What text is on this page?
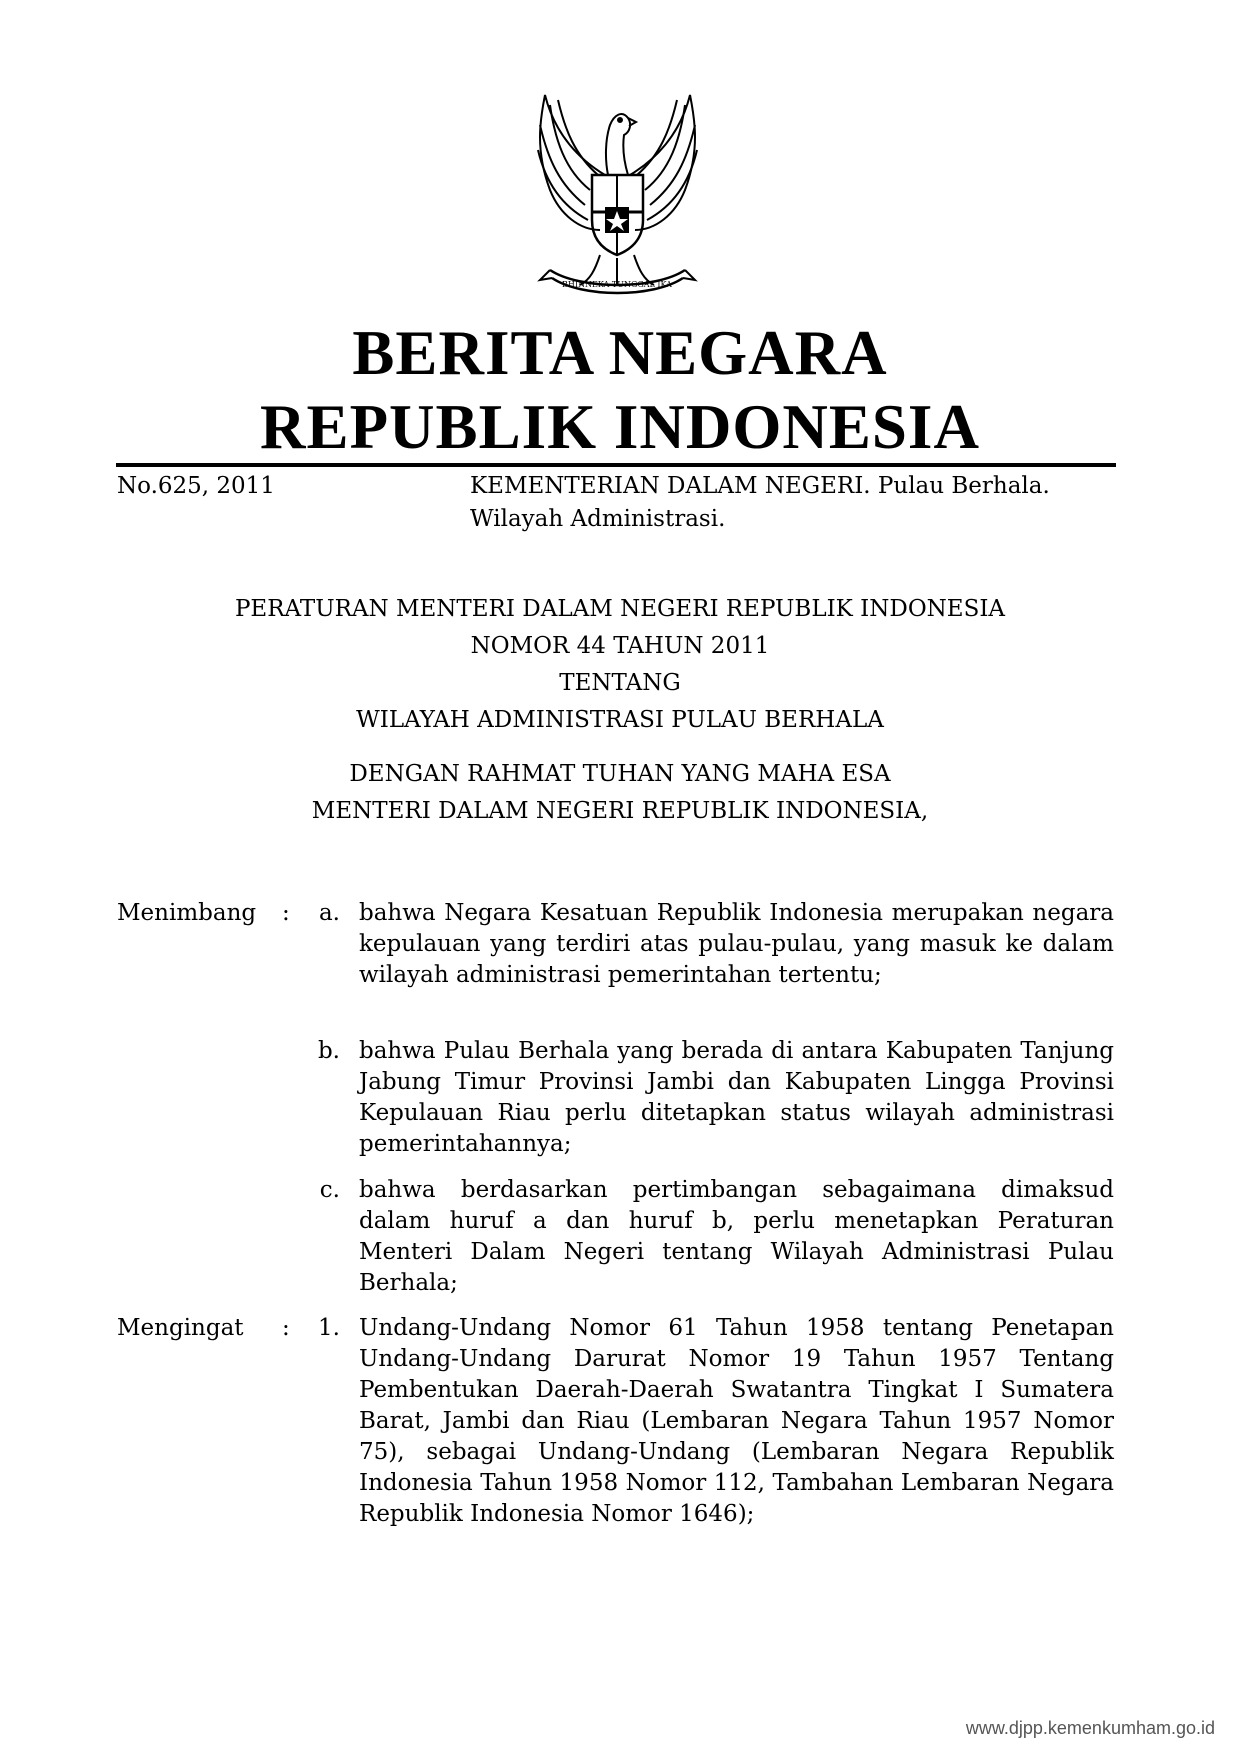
BHINNEKA TUNGGAL IKA
BERITA NEGARA
REPUBLIK INDONESIA
No.625, 2011	KEMENTERIAN DALAM NEGERI. Pulau Berhala. Wilayah Administrasi.
PERATURAN MENTERI DALAM NEGERI REPUBLIK INDONESIA
NOMOR 44 TAHUN 2011
TENTANG
WILAYAH ADMINISTRASI PULAU BERHALA
DENGAN RAHMAT TUHAN YANG MAHA ESA
MENTERI DALAM NEGERI REPUBLIK INDONESIA,
Menimbang :	a. bahwa Negara Kesatuan Republik Indonesia merupakan negara kepulauan yang terdiri atas pulau-pulau, yang masuk ke dalam wilayah administrasi pemerintahan tertentu;
b. bahwa Pulau Berhala yang berada di antara Kabupaten Tanjung Jabung Timur Provinsi Jambi dan Kabupaten Lingga Provinsi Kepulauan Riau perlu ditetapkan status wilayah administrasi pemerintahannya;
c. bahwa berdasarkan pertimbangan sebagaimana dimaksud dalam huruf a dan huruf b, perlu menetapkan Peraturan Menteri Dalam Negeri tentang Wilayah Administrasi Pulau Berhala;
Mengingat :	1. Undang-Undang Nomor 61 Tahun 1958 tentang Penetapan Undang-Undang Darurat Nomor 19 Tahun 1957 Tentang Pembentukan Daerah-Daerah Swatantra Tingkat I Sumatera Barat, Jambi dan Riau (Lembaran Negara Tahun 1957 Nomor 75), sebagai Undang-Undang (Lembaran Negara Republik Indonesia Tahun 1958 Nomor 112, Tambahan Lembaran Negara Republik Indonesia Nomor 1646);
www.djpp.kemenkumham.go.id
